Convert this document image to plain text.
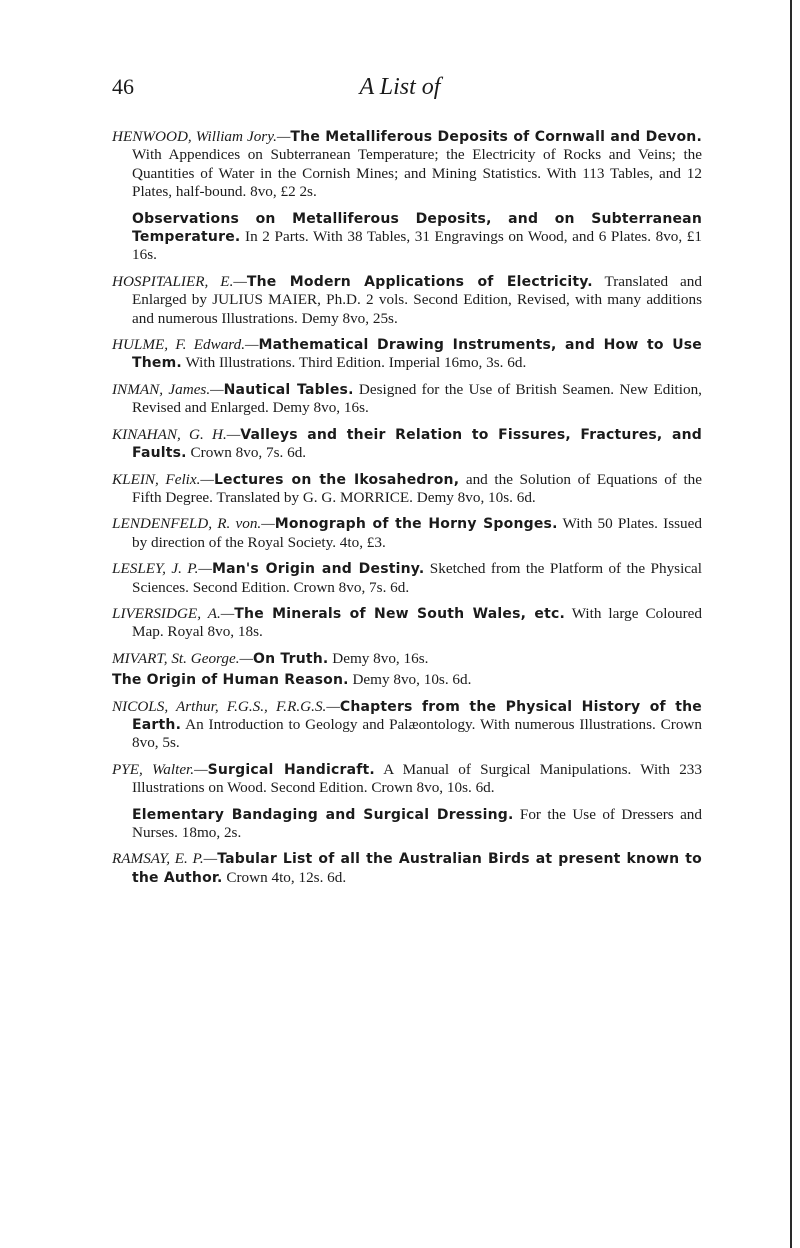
46	A List of

HENWOOD, William Jory.—The Metalliferous Deposits of Cornwall and Devon. With Appendices on Subterranean Temperature; the Electricity of Rocks and Veins; the Quantities of Water in the Cornish Mines; and Mining Statistics. With 113 Tables, and 12 Plates, half-bound. 8vo, £2 2s.

Observations on Metalliferous Deposits, and on Subterranean Temperature. In 2 Parts. With 38 Tables, 31 Engravings on Wood, and 6 Plates. 8vo, £1 16s.

HOSPITALIER, E.—The Modern Applications of Electricity. Translated and Enlarged by JULIUS MAIER, Ph.D. 2 vols. Second Edition, Revised, with many additions and numerous Illustrations. Demy 8vo, 25s.

HULME, F. Edward.—Mathematical Drawing Instruments, and How to Use Them. With Illustrations. Third Edition. Imperial 16mo, 3s. 6d.

INMAN, James.—Nautical Tables. Designed for the Use of British Seamen. New Edition, Revised and Enlarged. Demy 8vo, 16s.

KINAHAN, G. H.—Valleys and their Relation to Fissures, Fractures, and Faults. Crown 8vo, 7s. 6d.

KLEIN, Felix.—Lectures on the Ikosahedron, and the Solution of Equations of the Fifth Degree. Translated by G. G. MORRICE. Demy 8vo, 10s. 6d.

LENDENFELD, R. von.—Monograph of the Horny Sponges. With 50 Plates. Issued by direction of the Royal Society. 4to, £3.

LESLEY, J. P.—Man's Origin and Destiny. Sketched from the Platform of the Physical Sciences. Second Edition. Crown 8vo, 7s. 6d.

LIVERSIDGE, A.—The Minerals of New South Wales, etc. With large Coloured Map. Royal 8vo, 18s.

MIVART, St. George.—On Truth. Demy 8vo, 16s.

The Origin of Human Reason. Demy 8vo, 10s. 6d.

NICOLS, Arthur, F.G.S., F.R.G.S.—Chapters from the Physical History of the Earth. An Introduction to Geology and Palæontology. With numerous Illustrations. Crown 8vo, 5s.

PYE, Walter.—Surgical Handicraft. A Manual of Surgical Manipulations. With 233 Illustrations on Wood. Second Edition. Crown 8vo, 10s. 6d.

Elementary Bandaging and Surgical Dressing. For the Use of Dressers and Nurses. 18mo, 2s.

RAMSAY, E. P.—Tabular List of all the Australian Birds at present known to the Author. Crown 4to, 12s. 6d.
